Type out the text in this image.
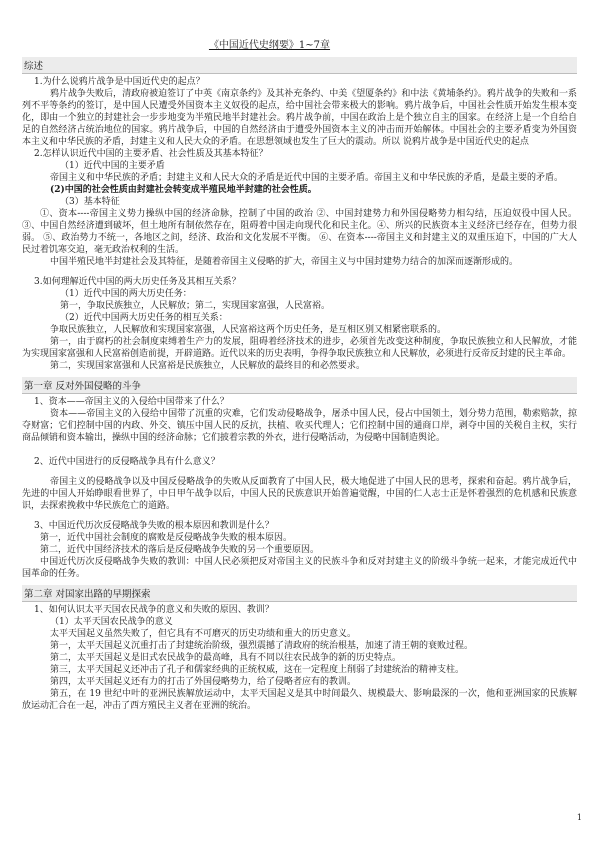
《中国近代史纲要》1~7章
综述

1.为什么说鸦片战争是中国近代史的起点？

鸦片战争失败后，清政府被迫签订了中英《南京条约》及其补充条约、中美《望厦条约》和中法《黄埔条约》。鸦片战争的失败和一系列不平等条约的签订，是中国人民遭受外国资本主义奴役的起点，给中国社会带来极大的影响。鸦片战争后，中国社会性质开始发生根本变化，即由一个独立的封建社会一步步地变为半殖民地半封建社会。鸦片战争前，中国在政治上是个独立自主的国家。在经济上是一个自给自足的自然经济占统治地位的国家。鸦片战争后，中国的自然经济由于遭受外国资本主义的冲击而开始解体。中国社会的主要矛盾变为外国资本主义和中华民族的矛盾，封建主义和人民大众的矛盾。在思想领域也发生了巨大的震动。所以 说鸦片战争是中国近代史的起点

2.怎样认识近代中国的主要矛盾、社会性质及其基本特征？

（1）近代中国的主要矛盾

帝国主义和中华民族的矛盾；封建主义和人民大众的矛盾是近代中国的主要矛盾。帝国主义和中华民族的矛盾，是最主要的矛盾。

(2)中国的社会性质由封建社会转变成半殖民地半封建的社会性质。

（3）基本特征

①、资本----帝国主义势力操纵中国的经济命脉，控制了中国的政治 ②、中国封建势力和外国侵略势力相勾结，压迫奴役中国人民。③、中国自然经济遭到破坏，但土地所有制依然存在，阻碍着中国走向现代化和民主化。④、所兴的民族资本主义经济已经存在，但势力很弱。 ⑤、政治势力不统一，各地区之间，经济、政治和文化发展不平衡。 ⑥、在资本----帝国主义和封建主义的双重压迫下，中国的广大人民过着饥寒交迫，毫无政治权利的生活。

中国半殖民地半封建社会及其特征，是随着帝国主义侵略的扩大，帝国主义与中国封建势力结合的加深而逐渐形成的。

3.如何理解近代中国的两大历史任务及其相互关系？

（1）近代中国的两大历史任务：

第一，争取民族独立，人民解放；第二，实现国家富强，人民富裕。

（2）近代中国两大历史任务的相互关系：

争取民族独立，人民解放和实现国家富强，人民富裕这两个历史任务，是互相区别又相紧密联系的。

第一，由于腐朽的社会制度束缚着生产力的发展，阻碍着经济技术的进步，必须首先改变这种制度，争取民族独立和人民解放，才能为实现国家富强和人民富裕创造前提，开辟道路。近代以来的历史表明，争得争取民族独立和人民解放，必须进行反帝反封建的民主革命。

第二，实现国家富强和人民富裕是民族独立，人民解放的最终目的和必然要求。

第一章 反对外国侵略的斗争

1、资本——帝国主义的入侵给中国带来了什么？

资本——帝国主义的入侵给中国带了沉重的灾难，它们发动侵略战争，屠杀中国人民，侵占中国领土，划分势力范围，勒索赔款，掠夺财富；它们控制中国的内政、外交、镇压中国人民的反抗，扶植、收买代理人；它们控制中国的通商口岸，剥夺中国的关税自主权，实行商品倾销和资本输出，操纵中国的经济命脉；它们披着宗教的外衣，进行侵略活动，为侵略中国制造舆论。

2、近代中国进行的反侵略战争具有什么意义？

帝国主义的侵略战争以及中国反侵略战争的失败从反面教育了中国人民，极大地促进了中国人民的思考，探索和奋起。鸦片战争后，先进的中国人开始睁眼看世界了，中日甲午战争以后，中国人民的民族意识开始普遍觉醒，中国的仁人志士正是怀着强烈的危机感和民族意识，去探索挽救中华民族危亡的道路。

3、中国近代历次反侵略战争失败的根本原因和教训是什么？

第一，近代中国社会制度的腐败是反侵略战争失败的根本原因。

第二，近代中国经济技术的落后是反侵略战争失败的另一个重要原因。

中国近代历次反侵略战争失败的教训：中国人民必须把反对帝国主义的民族斗争和反对封建主义的阶级斗争统一起来，才能完成近代中国革命的任务。

第二章 对国家出路的早期探索

1、如何认识太平天国农民战争的意义和失败的原因、教训？

（1）太平天国农民战争的意义

太平天国起义虽然失败了，但它具有不可磨灭的历史功绩和重大的历史意义。

第一，太平天国起义沉重打击了封建统治阶级，强烈震撼了清政府的统治根基，加速了清王朝的衰败过程。

第二，太平天国起义是旧式农民战争的最高峰，具有不同以往农民战争的新的历史特点。

第三，太平天国起义还冲击了孔子和儒家经典的正统权威，这在一定程度上削弱了封建统治的精神支柱。

第四，太平天国起义还有力的打击了外国侵略势力，给了侵略者应有的教训。

第五，在 19 世纪中叶的亚洲民族解放运动中，太平天国起义是其中时间最久、规模最大、影响最深的一次，他和亚洲国家的民族解放运动汇合在一起，冲击了西方殖民主义者在亚洲的统治。

1
